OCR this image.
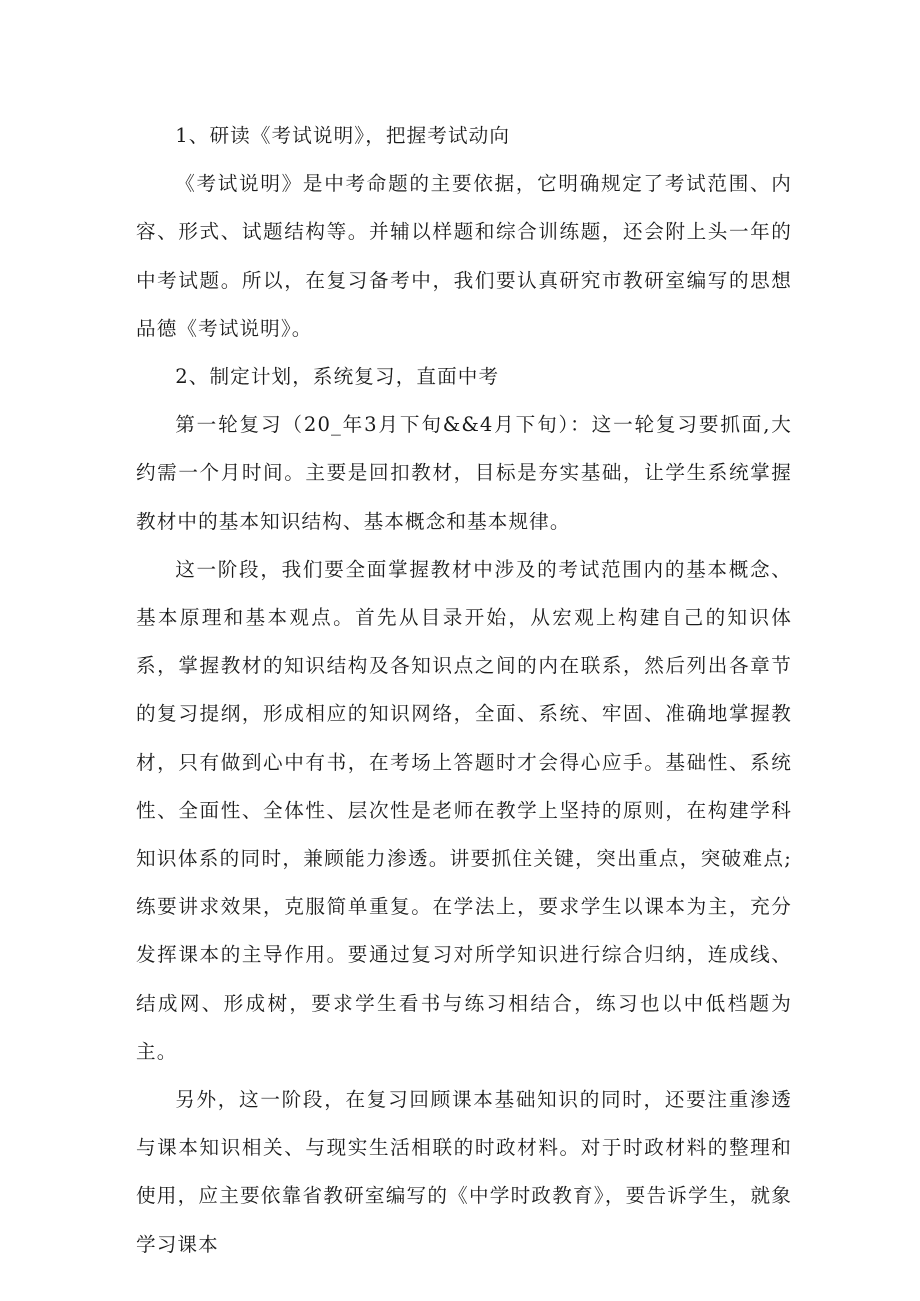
1、研读《考试说明》，把握考试动向

《考试说明》是中考命题的主要依据，它明确规定了考试范围、内容、形式、试题结构等。并辅以样题和综合训练题，还会附上头一年的中考试题。所以，在复习备考中，我们要认真研究市教研室编写的思想品德《考试说明》。

2、制定计划，系统复习，直面中考

第一轮复习（20_年3月下旬&&4月下旬）：这一轮复习要抓面,大约需一个月时间。主要是回扣教材，目标是夯实基础，让学生系统掌握教材中的基本知识结构、基本概念和基本规律。

这一阶段，我们要全面掌握教材中涉及的考试范围内的基本概念、基本原理和基本观点。首先从目录开始，从宏观上构建自己的知识体系，掌握教材的知识结构及各知识点之间的内在联系，然后列出各章节的复习提纲，形成相应的知识网络，全面、系统、牢固、准确地掌握教材，只有做到心中有书，在考场上答题时才会得心应手。基础性、系统性、全面性、全体性、层次性是老师在教学上坚持的原则，在构建学科知识体系的同时，兼顾能力渗透。讲要抓住关键，突出重点，突破难点;练要讲求效果，克服简单重复。在学法上，要求学生以课本为主，充分发挥课本的主导作用。要通过复习对所学知识进行综合归纳，连成线、结成网、形成树，要求学生看书与练习相结合，练习也以中低档题为主。

另外，这一阶段，在复习回顾课本基础知识的同时，还要注重渗透与课本知识相关、与现实生活相联的时政材料。对于时政材料的整理和使用，应主要依靠省教研室编写的《中学时政教育》，要告诉学生，就象学习课本
